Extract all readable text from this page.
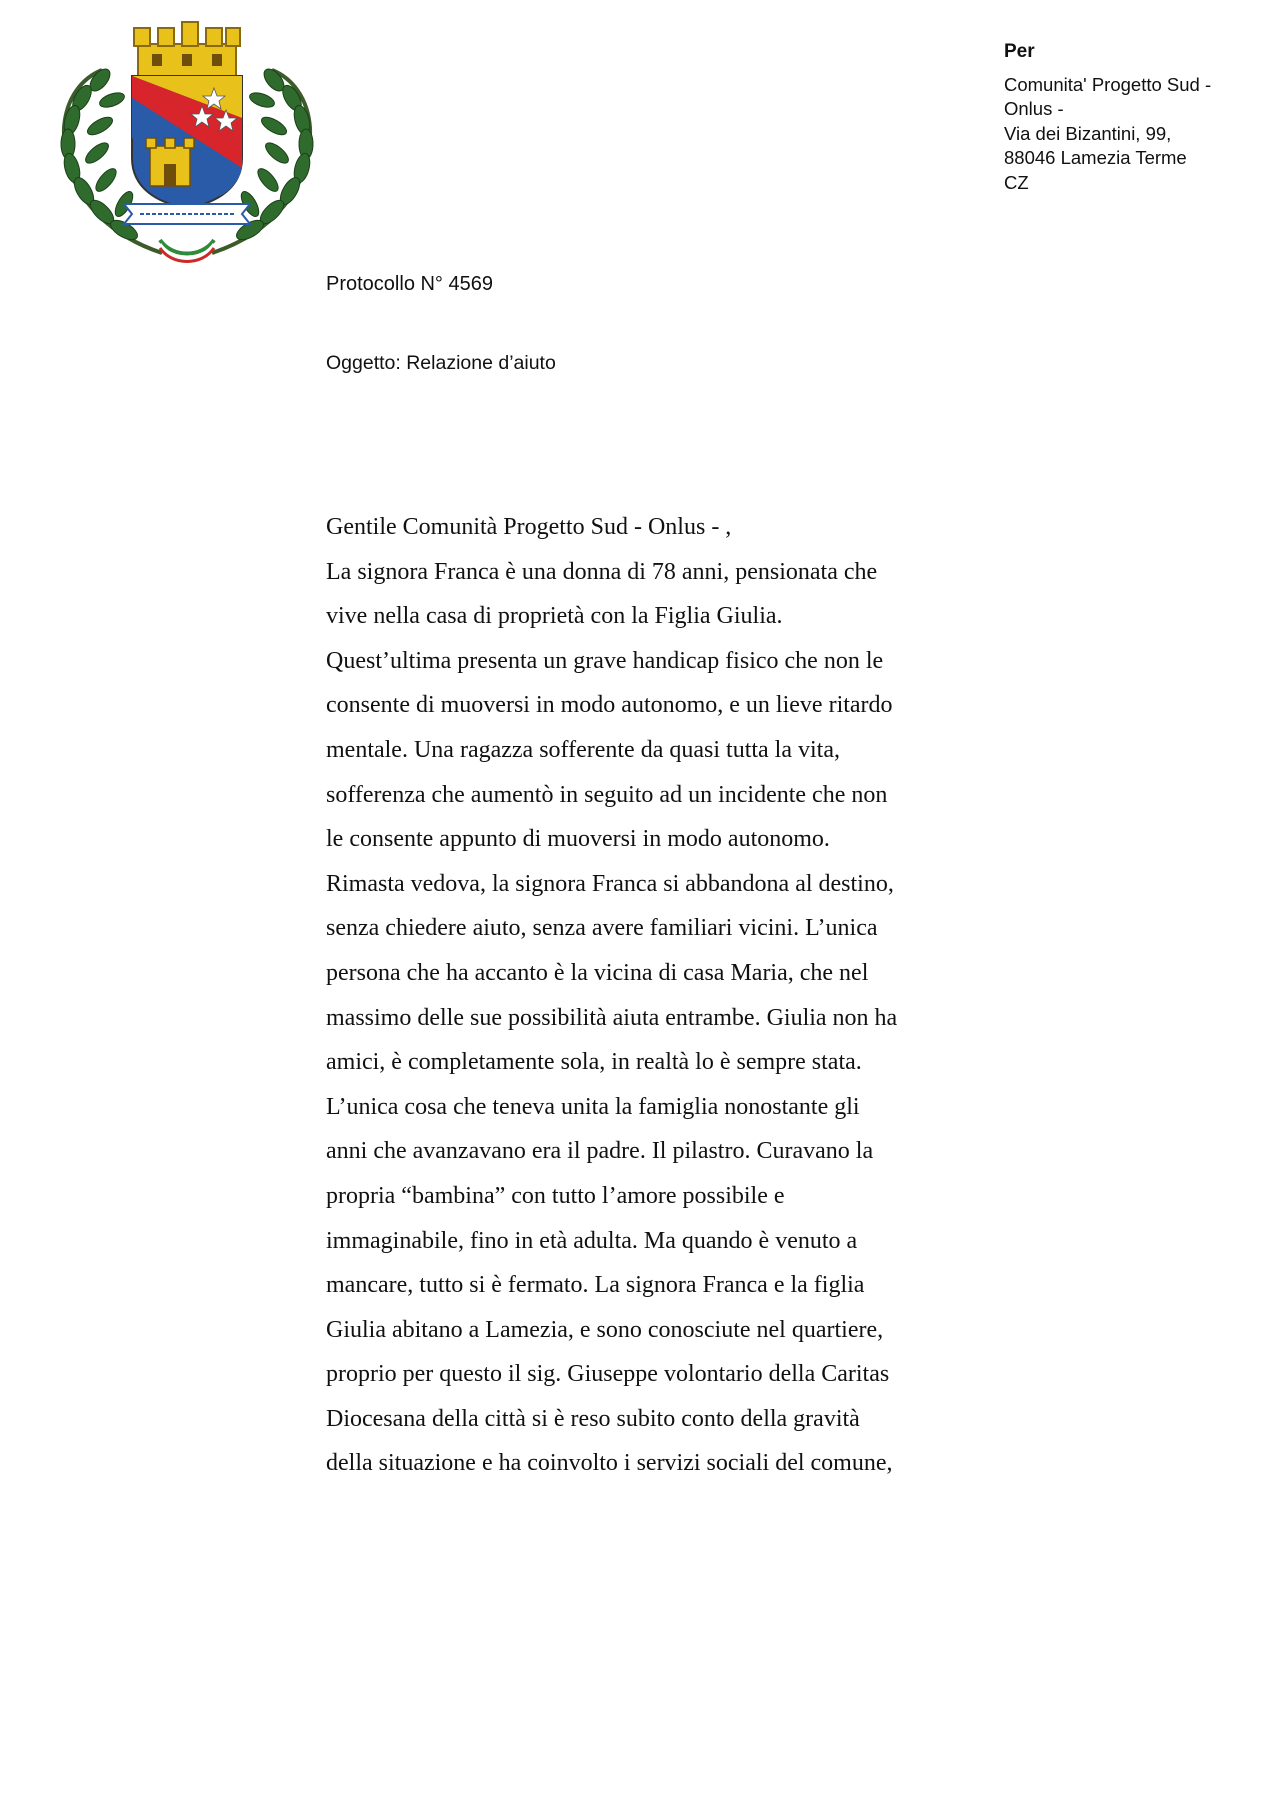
Per
Comunita' Progetto Sud -
Onlus -
Via dei Bizantini, 99,
88046 Lamezia Terme
CZ
Protocollo N° 4569
Oggetto: Relazione d’aiuto
Gentile Comunità Progetto Sud - Onlus - ,
La signora Franca è una donna di 78 anni, pensionata che
vive nella casa di proprietà con la Figlia Giulia.
Quest’ultima presenta un grave handicap fisico che non le
consente di muoversi in modo autonomo, e un lieve ritardo
mentale. Una ragazza sofferente da quasi tutta la vita,
sofferenza che aumentò in seguito ad un incidente che non
le consente appunto di muoversi in modo autonomo.
Rimasta vedova, la signora Franca si abbandona al destino,
senza chiedere aiuto, senza avere familiari vicini. L’unica
persona che ha accanto è la vicina di casa Maria, che nel
massimo delle sue possibilità aiuta entrambe. Giulia non ha
amici, è completamente sola, in realtà lo è sempre stata.
L’unica cosa che teneva unita la famiglia nonostante gli
anni che avanzavano era il padre. Il pilastro. Curavano la
propria “bambina” con tutto l’amore possibile e
immaginabile, fino in età adulta. Ma quando è venuto a
mancare, tutto si è fermato. La signora Franca e la figlia
Giulia abitano a Lamezia, e sono conosciute nel quartiere,
proprio per questo il sig. Giuseppe volontario della Caritas
Diocesana della città si è reso subito conto della gravità
della situazione e ha coinvolto i servizi sociali del comune,
